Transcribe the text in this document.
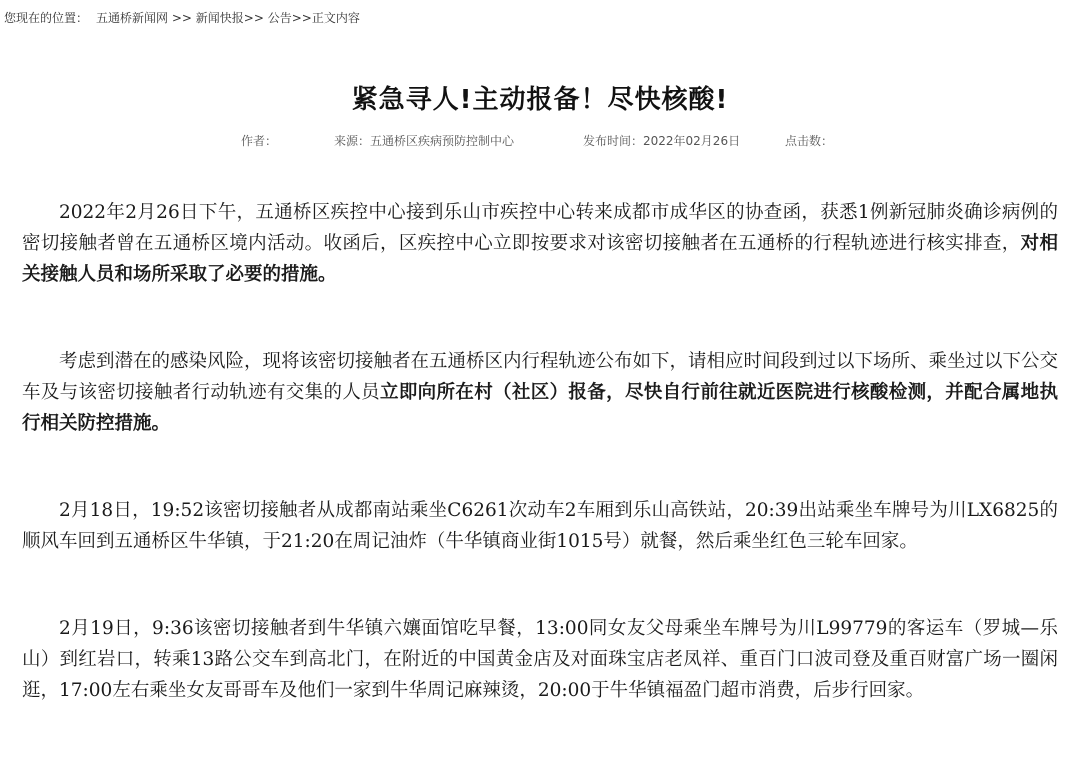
您现在的位置： 五通桥新闻网 >> 新闻快报>> 公告>>正文内容
紧急寻人!主动报备！尽快核酸!
作者：	来源：五通桥区疾病预防控制中心	发布时间：2022年02月26日	点击数：

2022年2月26日下午，五通桥区疾控中心接到乐山市疾控中心转来成都市成华区的协查函，获悉1例新冠肺炎确诊病例的密切接触者曾在五通桥区境内活动。收函后，区疾控中心立即按要求对该密切接触者在五通桥的行程轨迹进行核实排查，对相关接触人员和场所采取了必要的措施。

考虑到潜在的感染风险，现将该密切接触者在五通桥区内行程轨迹公布如下，请相应时间段到过以下场所、乘坐过以下公交车及与该密切接触者行动轨迹有交集的人员立即向所在村（社区）报备，尽快自行前往就近医院进行核酸检测，并配合属地执行相关防控措施。

2月18日，19:52该密切接触者从成都南站乘坐C6261次动车2车厢到乐山高铁站，20:39出站乘坐车牌号为川LX6825的顺风车回到五通桥区牛华镇，于21:20在周记油炸（牛华镇商业街1015号）就餐，然后乘坐红色三轮车回家。

2月19日，9:36该密切接触者到牛华镇六孃面馆吃早餐，13:00同女友父母乘坐车牌号为川L99779的客运车（罗城—乐山）到红岩口，转乘13路公交车到高北门，在附近的中国黄金店及对面珠宝店老凤祥、重百门口波司登及重百财富广场一圈闲逛，17:00左右乘坐女友哥哥车及他们一家到牛华周记麻辣烫，20:00于牛华镇福盈门超市消费，后步行回家。
